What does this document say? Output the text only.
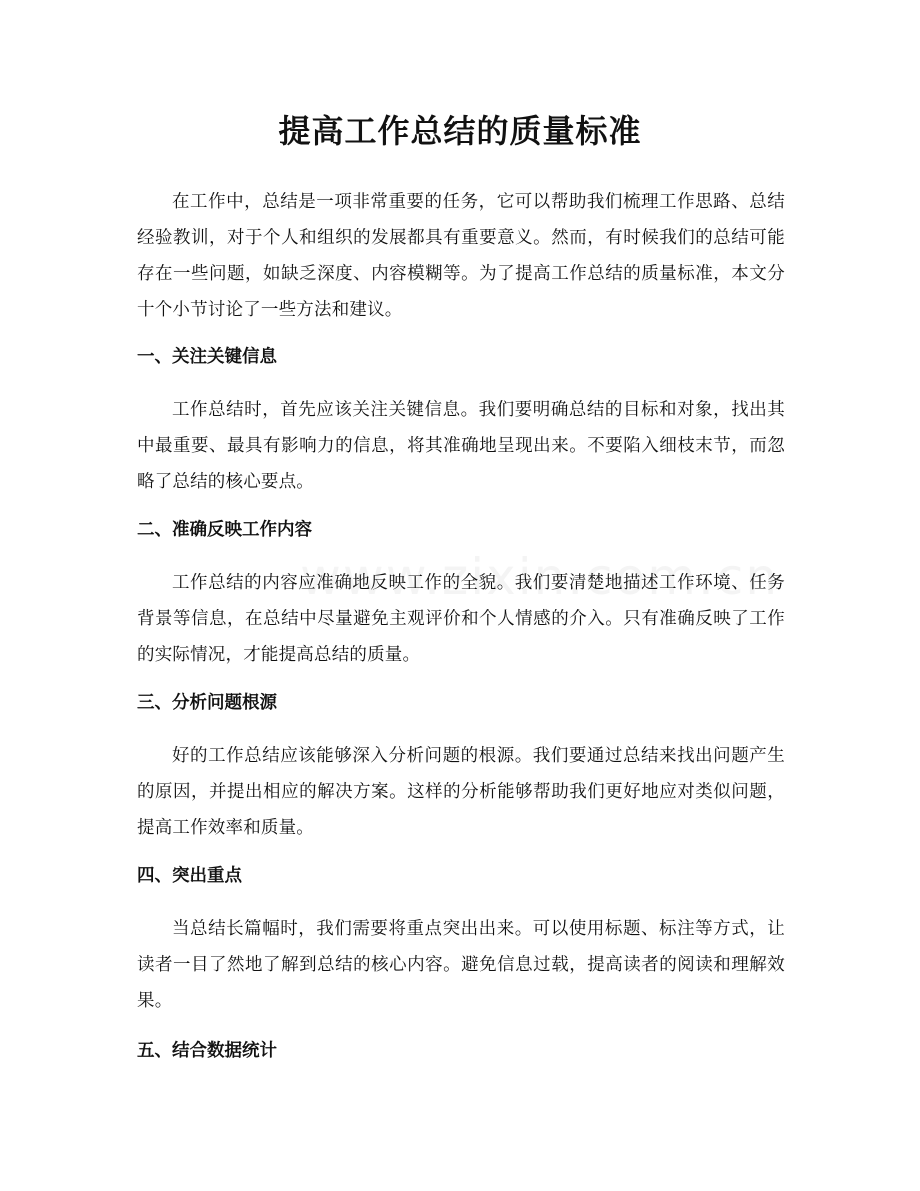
提高工作总结的质量标准

在工作中，总结是一项非常重要的任务，它可以帮助我们梳理工作思路、总结经验教训，对于个人和组织的发展都具有重要意义。然而，有时候我们的总结可能存在一些问题，如缺乏深度、内容模糊等。为了提高工作总结的质量标准，本文分十个小节讨论了一些方法和建议。

一、关注关键信息

工作总结时，首先应该关注关键信息。我们要明确总结的目标和对象，找出其中最重要、最具有影响力的信息，将其准确地呈现出来。不要陷入细枝末节，而忽略了总结的核心要点。

二、准确反映工作内容

工作总结的内容应准确地反映工作的全貌。我们要清楚地描述工作环境、任务背景等信息，在总结中尽量避免主观评价和个人情感的介入。只有准确反映了工作的实际情况，才能提高总结的质量。

三、分析问题根源

好的工作总结应该能够深入分析问题的根源。我们要通过总结来找出问题产生的原因，并提出相应的解决方案。这样的分析能够帮助我们更好地应对类似问题，提高工作效率和质量。

四、突出重点

当总结长篇幅时，我们需要将重点突出出来。可以使用标题、标注等方式，让读者一目了然地了解到总结的核心内容。避免信息过载，提高读者的阅读和理解效果。

五、结合数据统计
